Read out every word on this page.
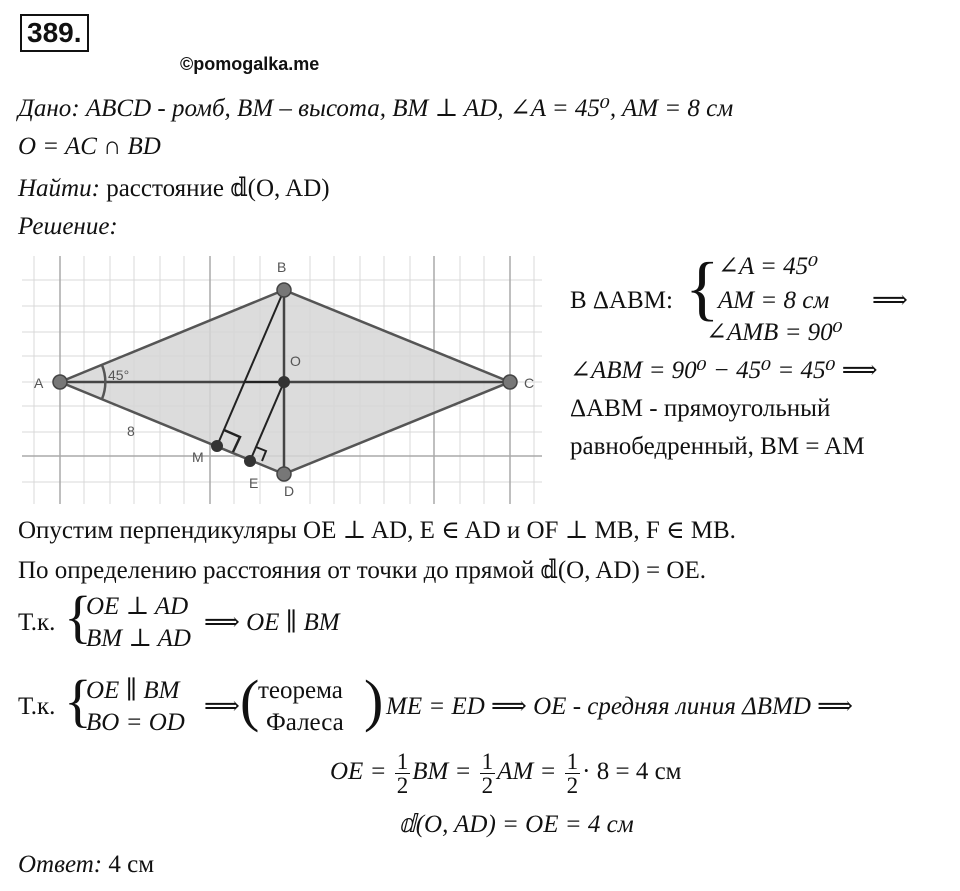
389.
©pomogalka.me
Дано: ABCD - ромб, BM – высота, BM ⊥ AD, ∠A = 45⁰, AM = 8 см
O = AC ∩ BD
Найти: расстояние 𝕕(O, AD)
Решение:
A
B
C
D
O
M
E
45°
8
В ΔABM: {
∠A = 45⁰
AM = 8 см
∠AMB = 90⁰
⟹
∠ABM = 90⁰ − 45⁰ = 45⁰ ⟹
ΔABM - прямоугольный
равнобедренный, BM = AM
Опустим перпендикуляры OE ⊥ AD, E ∈ AD и OF ⊥ MB, F ∈ MB.
По определению расстояния от точки до прямой 𝕕(O, AD) = OE.
Т.к. {
OE ⊥ AD
BM ⊥ AD
⟹ OE ∥ BM
Т.к. {
OE ∥ BM
BO = OD
⟹ (
теорема
Фалеса ) ME = ED ⟹ OE - средняя линия ΔBMD ⟹
OE = $\frac{1}{2}$ BM = $\frac{1}{2}$ AM = $\frac{1}{2} \cdot 8 = 4$ см
𝕕(O, AD) = OE = 4 см
Ответ: 4 см
